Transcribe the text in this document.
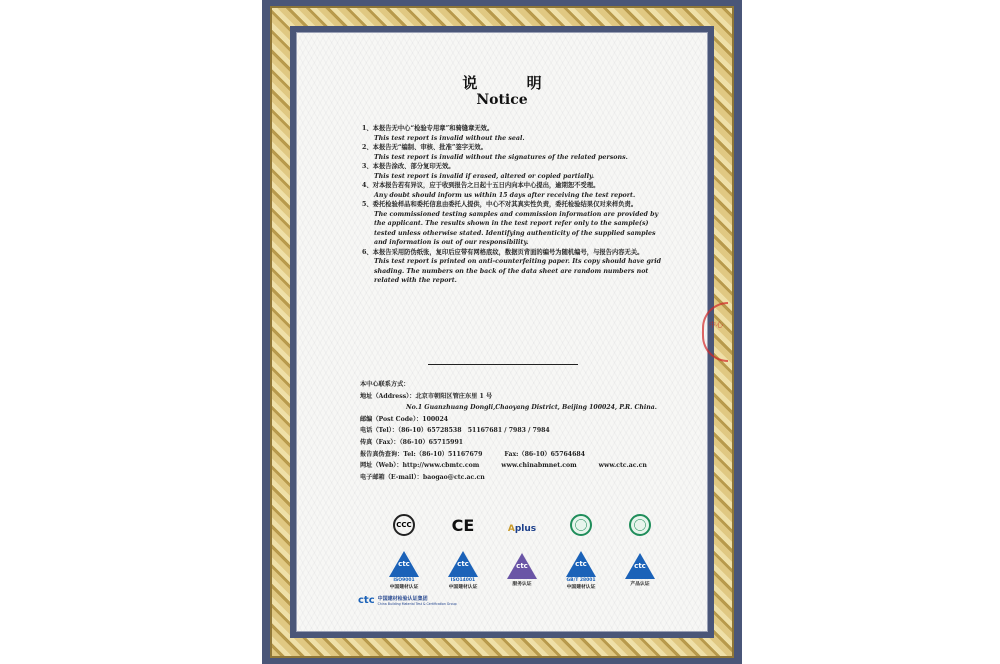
说 明
Notice

1、本报告无中心“检验专用章”和骑缝章无效。
This test report is invalid without the seal.

2、本报告无“编制、审核、批准”签字无效。
This test report is invalid without the signatures of the related persons.

3、本报告涂改、部分复印无效。
This test report is invalid if erased, altered or copied partially.

4、对本报告若有异议，应于收到报告之日起十五日内向本中心提出，逾期恕不受理。
Any doubt should inform us within 15 days after receiving the test report.

5、委托检验样品和委托信息由委托人提供，中心不对其真实性负责，委托检验结果仅对来样负责。
The commissioned testing samples and commission information are provided by the applicant. The results shown in the test report refer only to the sample(s) tested unless otherwise stated. Identifying authenticity of the supplied samples and information is out of our responsibility.

6、本报告采用防伪纸张，复印后应带有网格底纹，数据页背面的编号为随机编号，与报告内容无关。
This test report is printed on anti-counterfeiting paper. Its copy should have grid shading. The numbers on the back of the data sheet are random numbers not related with the report.

中心
本中心联系方式：
地址（Address）：北京市朝阳区管庄东里 1 号
No.1 Guanzhuang Dongli,Chaoyang District, Beijing 100024, P.R. China.
邮编（Post Code）：100024
电话（Tel）：（86-10）65728538　51167681 / 7983 / 7984
传真（Fax）：（86-10）65715991
报告真伪查询：Tel:（86-10）51167679	Fax:（86-10）65764684
网址（Web）：http://www.cbmtc.com	www.chinabmnet.com	www.ctc.ac.cn
电子邮箱（E-mail）：baogao@ctc.ac.cn
CCC	CE	Aplus
ctc
ISO9001
中国建材认证
ctc
ISO14001
中国建材认证
ctc
服务认证
ctc
GB/T 28001
中国建材认证
ctc
产品认证
ctc 中国建材检验认证集团
China Building Material Test & Certification Group
